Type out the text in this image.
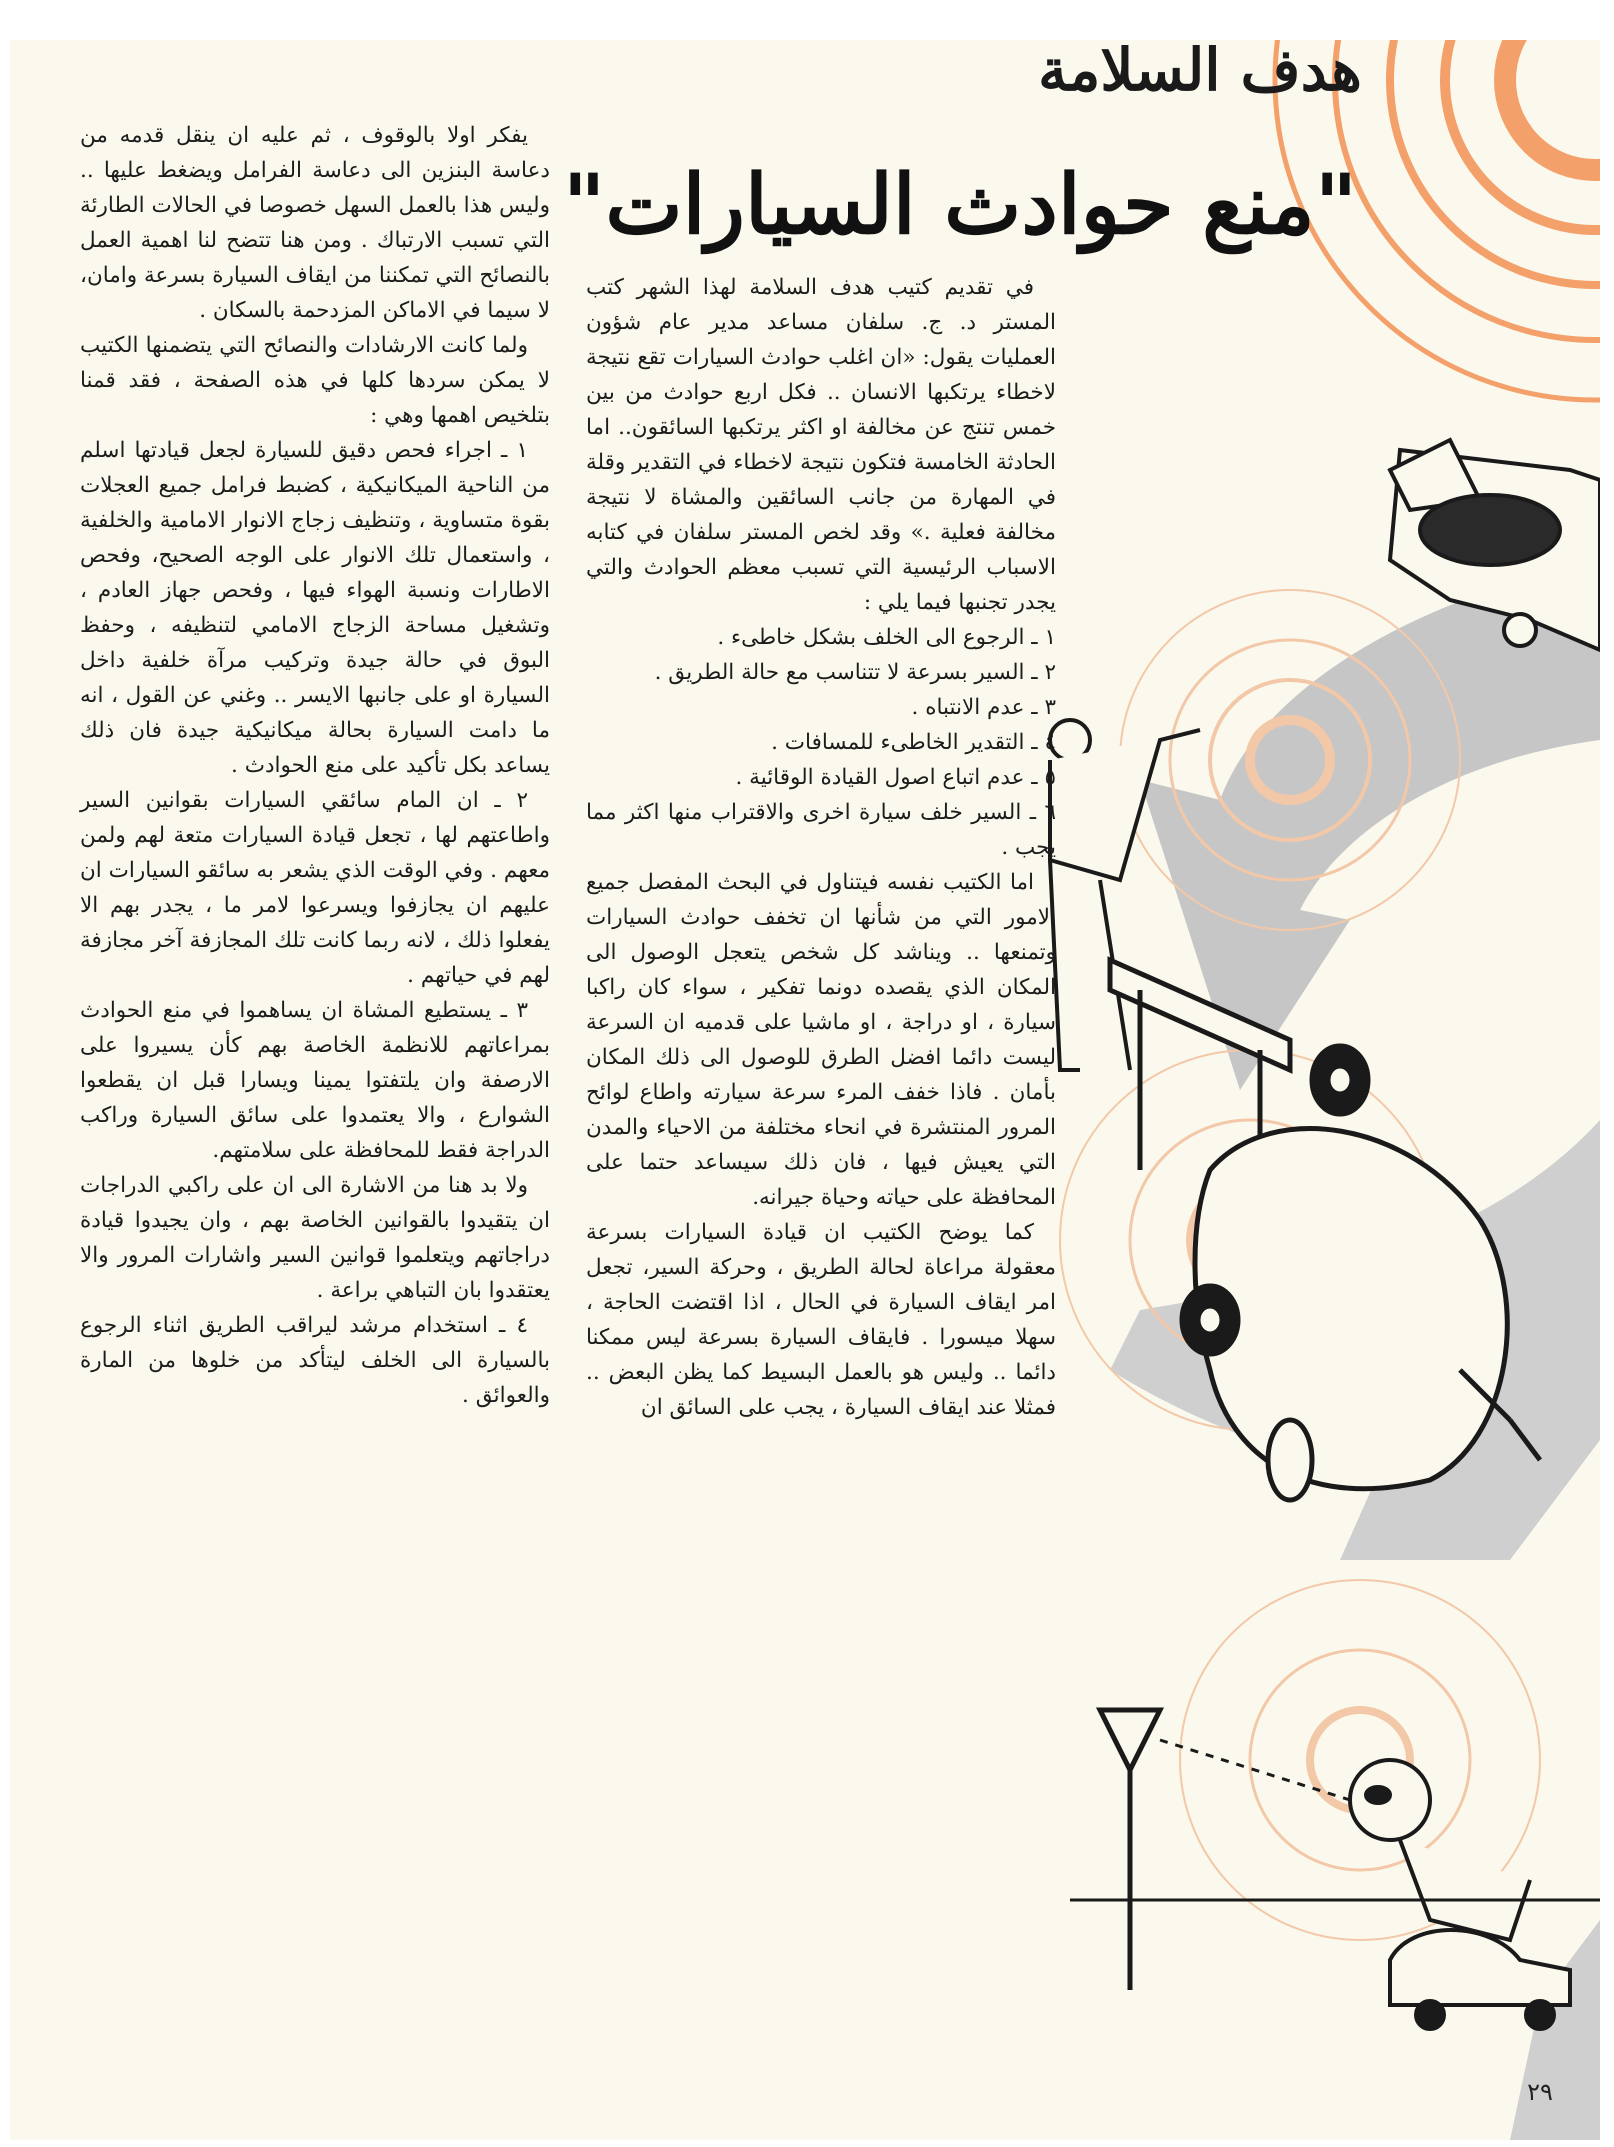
هدف السلامة
"منع حوادث السيارات"

في تقديم كتيب هدف السلامة لهذا الشهر كتب المستر د. ج. سلفان مساعد مدير عام شؤون العمليات يقول: «ان اغلب حوادث السيارات تقع نتيجة لاخطاء يرتكبها الانسان .. فكل اربع حوادث من بين خمس تنتج عن مخالفة او اكثر يرتكبها السائقون.. اما الحادثة الخامسة فتكون نتيجة لاخطاء في التقدير وقلة في المهارة من جانب السائقين والمشاة لا نتيجة مخالفة فعلية .» وقد لخص المستر سلفان في كتابه الاسباب الرئيسية التي تسبب معظم الحوادث والتي يجدر تجنبها فيما يلي :

١ ـ الرجوع الى الخلف بشكل خاطىء .

٢ ـ السير بسرعة لا تتناسب مع حالة الطريق .

٣ ـ عدم الانتباه .

٤ ـ التقدير الخاطىء للمسافات .

٥ ـ عدم اتباع اصول القيادة الوقائية .

٦ ـ السير خلف سيارة اخرى والاقتراب منها اكثر مما يجب .

اما الكتيب نفسه فيتناول في البحث المفصل جميع الامور التي من شأنها ان تخفف حوادث السيارات وتمنعها .. ويناشد كل شخص يتعجل الوصول الى المكان الذي يقصده دونما تفكير ، سواء كان راكبا سيارة ، او دراجة ، او ماشيا على قدميه ان السرعة ليست دائما افضل الطرق للوصول الى ذلك المكان بأمان . فاذا خفف المرء سرعة سيارته واطاع لوائح المرور المنتشرة في انحاء مختلفة من الاحياء والمدن التي يعيش فيها ، فان ذلك سيساعد حتما على المحافظة على حياته وحياة جيرانه.

كما يوضح الكتيب ان قيادة السيارات بسرعة معقولة مراعاة لحالة الطريق ، وحركة السير، تجعل امر ايقاف السيارة في الحال ، اذا اقتضت الحاجة ، سهلا ميسورا . فايقاف السيارة بسرعة ليس ممكنا دائما .. وليس هو بالعمل البسيط كما يظن البعض .. فمثلا عند ايقاف السيارة ، يجب على السائق ان

يفكر اولا بالوقوف ، ثم عليه ان ينقل قدمه من دعاسة البنزين الى دعاسة الفرامل ويضغط عليها .. وليس هذا بالعمل السهل خصوصا في الحالات الطارئة التي تسبب الارتباك . ومن هنا تتضح لنا اهمية العمل بالنصائح التي تمكننا من ايقاف السيارة بسرعة وامان، لا سيما في الاماكن المزدحمة بالسكان .

ولما كانت الارشادات والنصائح التي يتضمنها الكتيب لا يمكن سردها كلها في هذه الصفحة ، فقد قمنا بتلخيص اهمها وهي :

١ ـ اجراء فحص دقيق للسيارة لجعل قيادتها اسلم من الناحية الميكانيكية ، كضبط فرامل جميع العجلات بقوة متساوية ، وتنظيف زجاج الانوار الامامية والخلفية ، واستعمال تلك الانوار على الوجه الصحيح، وفحص الاطارات ونسبة الهواء فيها ، وفحص جهاز العادم ، وتشغيل مساحة الزجاج الامامي لتنظيفه ، وحفظ البوق في حالة جيدة وتركيب مرآة خلفية داخل السيارة او على جانبها الايسر .. وغني عن القول ، انه ما دامت السيارة بحالة ميكانيكية جيدة فان ذلك يساعد بكل تأكيد على منع الحوادث .

٢ ـ ان المام سائقي السيارات بقوانين السير واطاعتهم لها ، تجعل قيادة السيارات متعة لهم ولمن معهم . وفي الوقت الذي يشعر به سائقو السيارات ان عليهم ان يجازفوا ويسرعوا لامر ما ، يجدر بهم الا يفعلوا ذلك ، لانه ربما كانت تلك المجازفة آخر مجازفة لهم في حياتهم .

٣ ـ يستطيع المشاة ان يساهموا في منع الحوادث بمراعاتهم للانظمة الخاصة بهم كأن يسيروا على الارصفة وان يلتفتوا يمينا ويسارا قبل ان يقطعوا الشوارع ، والا يعتمدوا على سائق السيارة وراكب الدراجة فقط للمحافظة على سلامتهم.

ولا بد هنا من الاشارة الى ان على راكبي الدراجات ان يتقيدوا بالقوانين الخاصة بهم ، وان يجيدوا قيادة دراجاتهم ويتعلموا قوانين السير واشارات المرور والا يعتقدوا بان التباهي براعة .

٤ ـ استخدام مرشد ليراقب الطريق اثناء الرجوع بالسيارة الى الخلف ليتأكد من خلوها من المارة والعوائق .

٢٩
